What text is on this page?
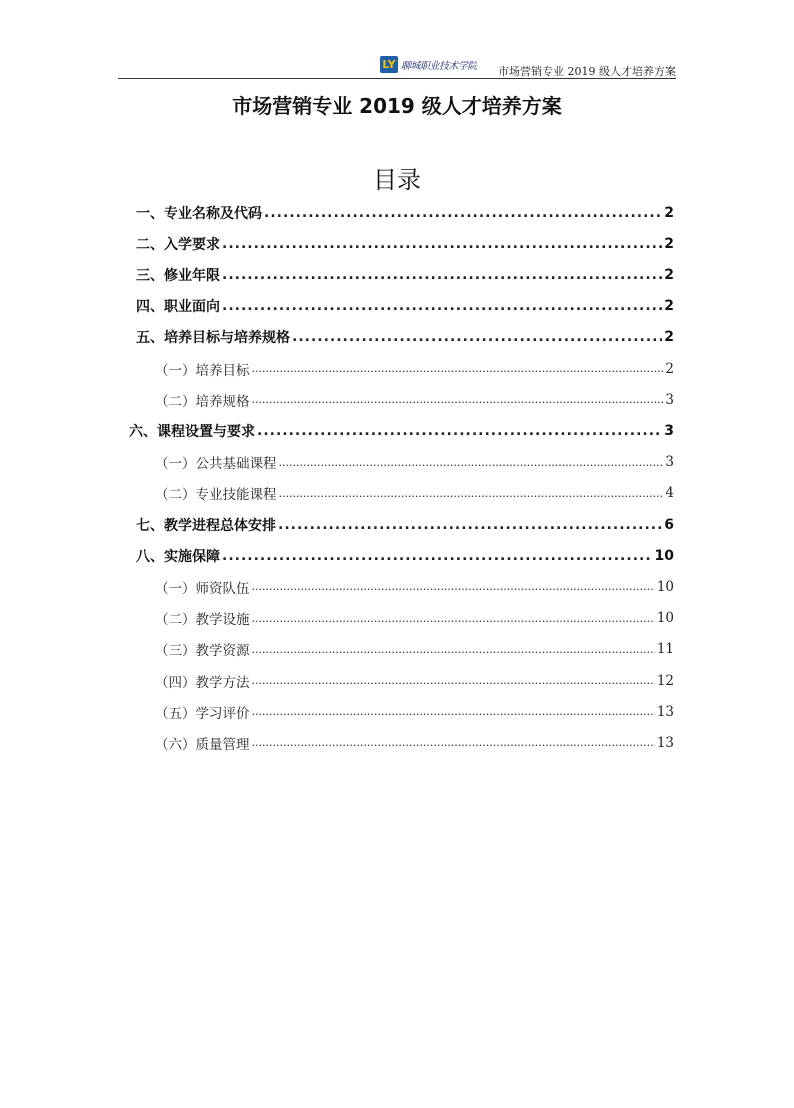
LY 聊城职业技术学院 市场营销专业 2019 级人才培养方案
市场营销专业 2019 级人才培养方案
目录
一、专业名称及代码 .....	2
二、入学要求 .....	2
三、修业年限 .....	2
四、职业面向 .....	2
五、培养目标与培养规格 .....	2
（一）培养目标 .....	2
（二）培养规格 .....	3
六、课程设置与要求 .....	3
（一）公共基础课程 .....	3
（二）专业技能课程 .....	4
七、教学进程总体安排 .....	6
八、实施保障 .....	10
（一）师资队伍 .....	10
（二）教学设施 .....	10
（三）教学资源 .....	11
（四）教学方法 .....	12
（五）学习评价 .....	13
（六）质量管理 .....	13
